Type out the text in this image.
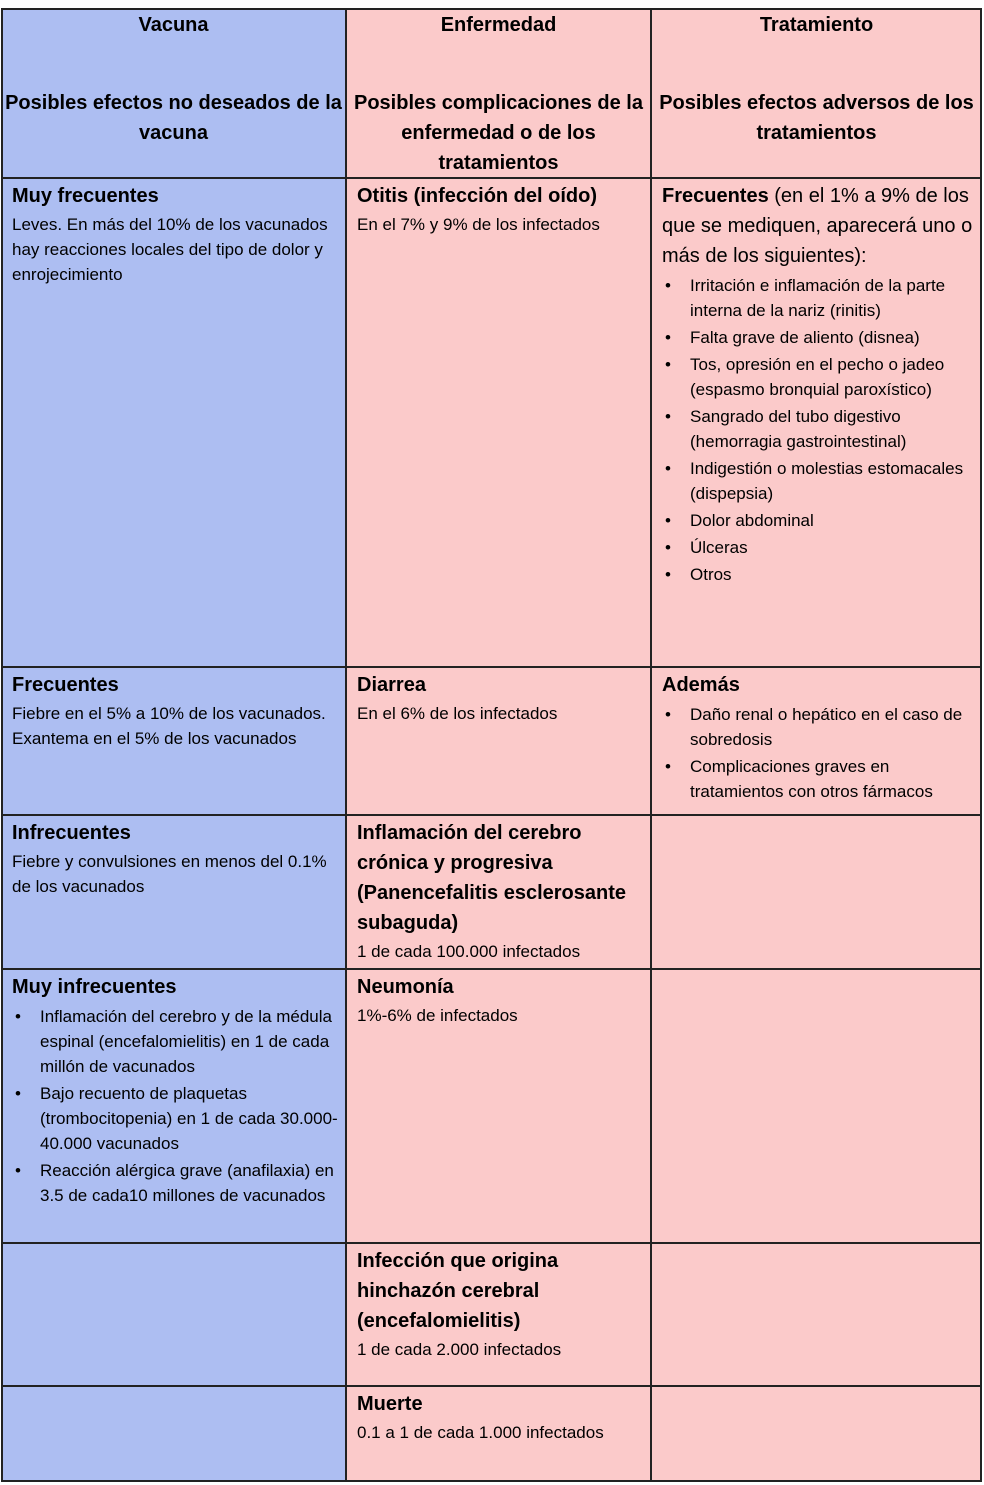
Vacuna
Posibles efectos no deseados de la vacuna
Enfermedad
Posibles complicaciones de la enfermedad o de los tratamientos
Tratamiento
Posibles efectos adversos de los tratamientos
Muy frecuentes
Leves. En más del 10% de los vacunados hay reacciones locales del tipo de dolor y enrojecimiento
Otitis (infección del oído)
En el 7% y 9% de los infectados
Frecuentes (en el 1% a 9% de los que se mediquen, aparecerá uno o más de los siguientes):
• Irritación e inflamación de la parte interna de la nariz (rinitis)
• Falta grave de aliento (disnea)
• Tos, opresión en el pecho o jadeo (espasmo bronquial paroxístico)
• Sangrado del tubo digestivo (hemorragia gastrointestinal)
• Indigestión o molestias estomacales (dispepsia)
• Dolor abdominal
• Úlceras
• Otros
Frecuentes
Fiebre en el 5% a 10% de los vacunados. Exantema en el 5% de los vacunados
Diarrea
En el 6% de los infectados
Además
• Daño renal o hepático en el caso de sobredosis
• Complicaciones graves en tratamientos con otros fármacos
Infrecuentes
Fiebre y convulsiones en menos del 0.1% de los vacunados
Inflamación del cerebro crónica y progresiva (Panencefalitis esclerosante subaguda)
1 de cada 100.000 infectados
Muy infrecuentes
• Inflamación del cerebro y de la médula espinal (encefalomielitis) en 1 de cada millón de vacunados
• Bajo recuento de plaquetas (trombocitopenia) en 1 de cada 30.000-40.000 vacunados
• Reacción alérgica grave (anafilaxia) en 3.5 de cada10 millones de vacunados
Neumonía
1%-6% de infectados
Infección que origina hinchazón cerebral (encefalomielitis)
1 de cada 2.000 infectados
Muerte
0.1 a 1 de cada 1.000 infectados
